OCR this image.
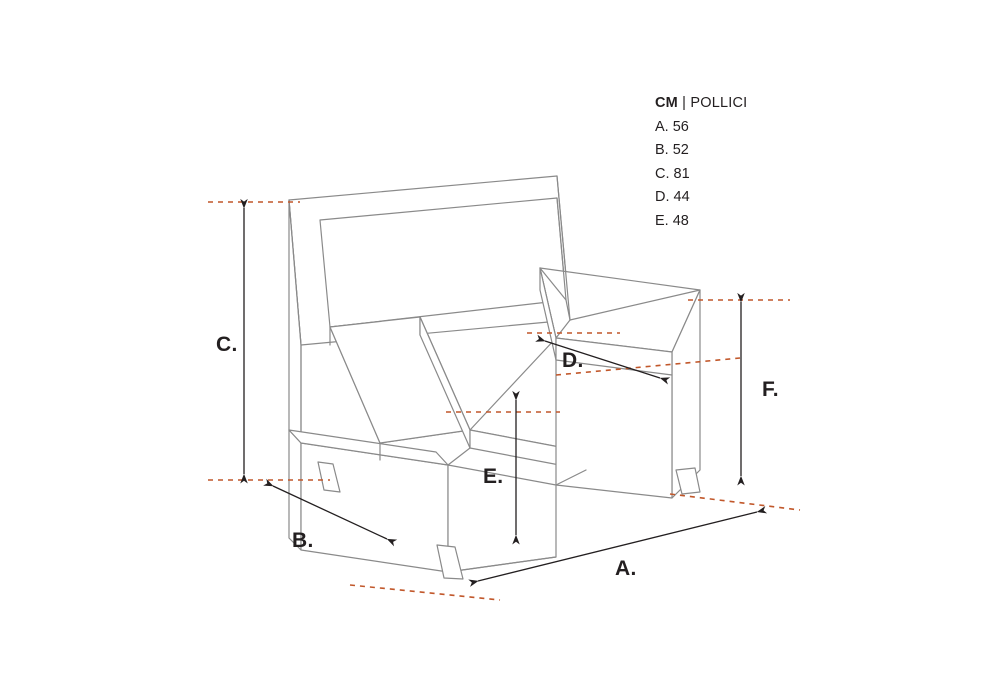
C.
B.
A.
D.
E.
F.
CM | POLLICI
A. 56
B. 52
C. 81
D. 44
E. 48
